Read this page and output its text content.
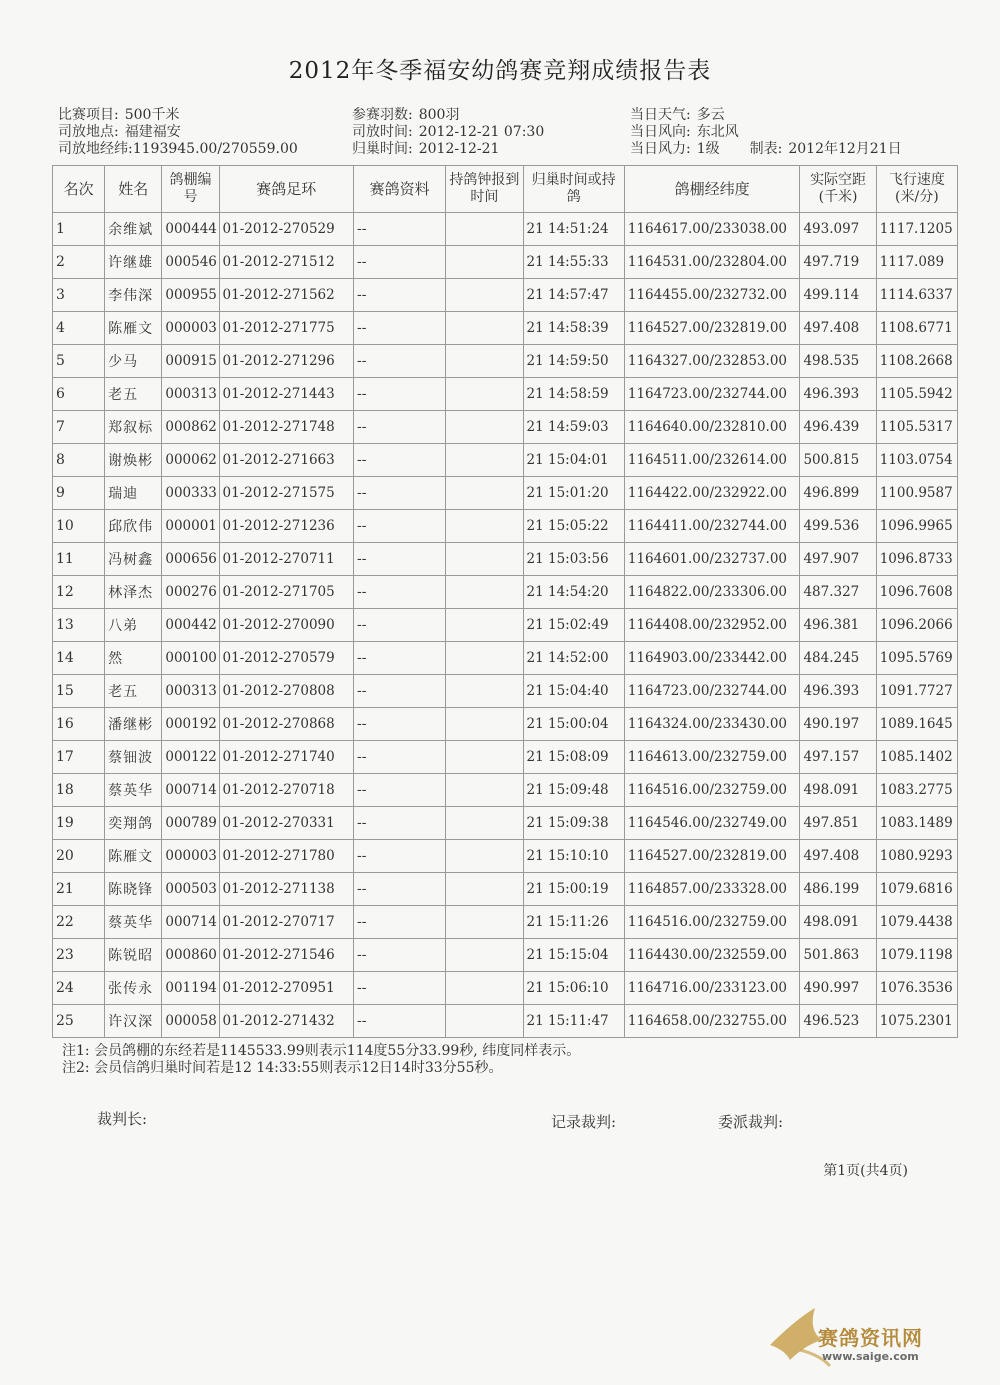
2012年冬季福安幼鸽赛竞翔成绩报告表
比赛项目: 500千米
司放地点: 福建福安
司放地经纬:1193945.00/270559.00
参赛羽数: 800羽
司放时间: 2012-12-21 07:30
归巢时间: 2012-12-21
当日天气: 多云
当日风向: 东北风
当日风力: 1级 制表: 2012年12月21日
名次	姓名	鸽棚编号	赛鸽足环	赛鸽资料	持鸽钟报到时间	归巢时间或持鸽	鸽棚经纬度	实际空距(千米)	飞行速度(米/分)
1	余维斌	000444	01-2012-270529	--		21 14:51:24	1164617.00/233038.00	493.097	1117.1205
2	许继雄	000546	01-2012-271512	--		21 14:55:33	1164531.00/232804.00	497.719	1117.089
3	李伟深	000955	01-2012-271562	--		21 14:57:47	1164455.00/232732.00	499.114	1114.6337
4	陈雁文	000003	01-2012-271775	--		21 14:58:39	1164527.00/232819.00	497.408	1108.6771
5	少马	000915	01-2012-271296	--		21 14:59:50	1164327.00/232853.00	498.535	1108.2668
6	老五	000313	01-2012-271443	--		21 14:58:59	1164723.00/232744.00	496.393	1105.5942
7	郑叙标	000862	01-2012-271748	--		21 14:59:03	1164640.00/232810.00	496.439	1105.5317
8	谢焕彬	000062	01-2012-271663	--		21 15:04:01	1164511.00/232614.00	500.815	1103.0754
9	瑞迪	000333	01-2012-271575	--		21 15:01:20	1164422.00/232922.00	496.899	1100.9587
10	邱欣伟	000001	01-2012-271236	--		21 15:05:22	1164411.00/232744.00	499.536	1096.9965
11	冯树鑫	000656	01-2012-270711	--		21 15:03:56	1164601.00/232737.00	497.907	1096.8733
12	林泽杰	000276	01-2012-271705	--		21 14:54:20	1164822.00/233306.00	487.327	1096.7608
13	八弟	000442	01-2012-270090	--		21 15:02:49	1164408.00/232952.00	496.381	1096.2066
14	然	000100	01-2012-270579	--		21 14:52:00	1164903.00/233442.00	484.245	1095.5769
15	老五	000313	01-2012-270808	--		21 15:04:40	1164723.00/232744.00	496.393	1091.7727
16	潘继彬	000192	01-2012-270868	--		21 15:00:04	1164324.00/233430.00	490.197	1089.1645
17	蔡钿波	000122	01-2012-271740	--		21 15:08:09	1164613.00/232759.00	497.157	1085.1402
18	蔡英华	000714	01-2012-270718	--		21 15:09:48	1164516.00/232759.00	498.091	1083.2775
19	奕翔鸽	000789	01-2012-270331	--		21 15:09:38	1164546.00/232749.00	497.851	1083.1489
20	陈雁文	000003	01-2012-271780	--		21 15:10:10	1164527.00/232819.00	497.408	1080.9293
21	陈晓锋	000503	01-2012-271138	--		21 15:00:19	1164857.00/233328.00	486.199	1079.6816
22	蔡英华	000714	01-2012-270717	--		21 15:11:26	1164516.00/232759.00	498.091	1079.4438
23	陈锐昭	000860	01-2012-271546	--		21 15:15:04	1164430.00/232559.00	501.863	1079.1198
24	张传永	001194	01-2012-270951	--		21 15:06:10	1164716.00/233123.00	490.997	1076.3536
25	许汉深	000058	01-2012-271432	--		21 15:11:47	1164658.00/232755.00	496.523	1075.2301
注1: 会员鸽棚的东经若是1145533.99则表示114度55分33.99秒, 纬度同样表示。
注2: 会员信鸽归巢时间若是12 14:33:55则表示12日14时33分55秒。
裁判长:	记录裁判:	委派裁判:
第1页(共4页)
赛鸽资讯网
www.saige.com
